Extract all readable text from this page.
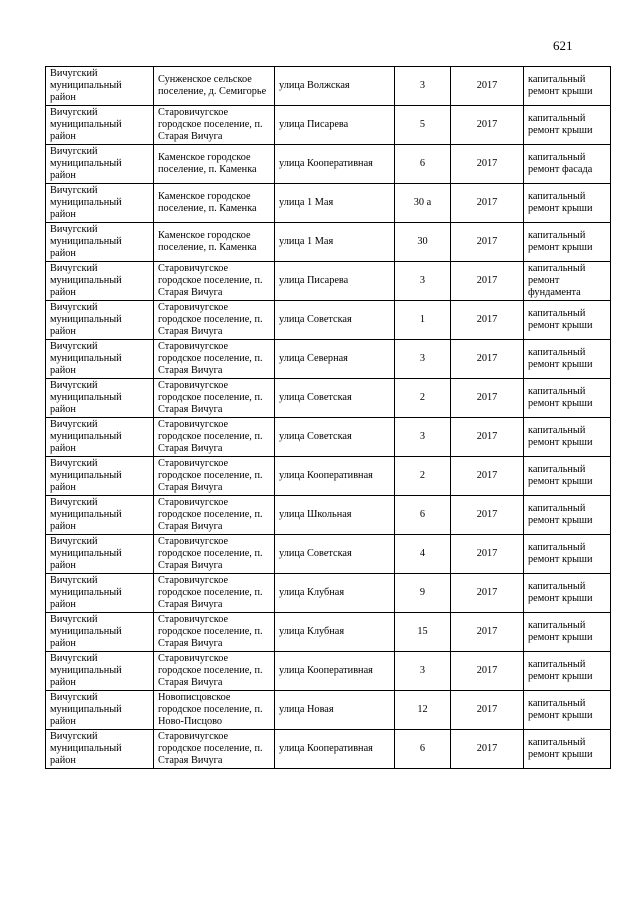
621
Вичугский муниципальный район	Сунженское сельское поселение, д. Семигорье	улица Волжская	3	2017	капитальный ремонт крыши
Вичугский муниципальный район	Старовичугское городское поселение, п. Старая Вичуга	улица Писарева	5	2017	капитальный ремонт крыши
Вичугский муниципальный район	Каменское городское поселение, п. Каменка	улица Кооперативная	6	2017	капитальный ремонт фасада
Вичугский муниципальный район	Каменское городское поселение, п. Каменка	улица 1 Мая	30 а	2017	капитальный ремонт крыши
Вичугский муниципальный район	Каменское городское поселение, п. Каменка	улица 1 Мая	30	2017	капитальный ремонт крыши
Вичугский муниципальный район	Старовичугское городское поселение, п. Старая Вичуга	улица Писарева	3	2017	капитальный ремонт фундамента
Вичугский муниципальный район	Старовичугское городское поселение, п. Старая Вичуга	улица Советская	1	2017	капитальный ремонт крыши
Вичугский муниципальный район	Старовичугское городское поселение, п. Старая Вичуга	улица Северная	3	2017	капитальный ремонт крыши
Вичугский муниципальный район	Старовичугское городское поселение, п. Старая Вичуга	улица Советская	2	2017	капитальный ремонт крыши
Вичугский муниципальный район	Старовичугское городское поселение, п. Старая Вичуга	улица Советская	3	2017	капитальный ремонт крыши
Вичугский муниципальный район	Старовичугское городское поселение, п. Старая Вичуга	улица Кооперативная	2	2017	капитальный ремонт крыши
Вичугский муниципальный район	Старовичугское городское поселение, п. Старая Вичуга	улица Школьная	6	2017	капитальный ремонт крыши
Вичугский муниципальный район	Старовичугское городское поселение, п. Старая Вичуга	улица Советская	4	2017	капитальный ремонт крыши
Вичугский муниципальный район	Старовичугское городское поселение, п. Старая Вичуга	улица Клубная	9	2017	капитальный ремонт крыши
Вичугский муниципальный район	Старовичугское городское поселение, п. Старая Вичуга	улица Клубная	15	2017	капитальный ремонт крыши
Вичугский муниципальный район	Старовичугское городское поселение, п. Старая Вичуга	улица Кооперативная	3	2017	капитальный ремонт крыши
Вичугский муниципальный район	Новописцовское городское поселение, п. Ново-Писцово	улица Новая	12	2017	капитальный ремонт крыши
Вичугский муниципальный район	Старовичугское городское поселение, п. Старая Вичуга	улица Кооперативная	6	2017	капитальный ремонт крыши
